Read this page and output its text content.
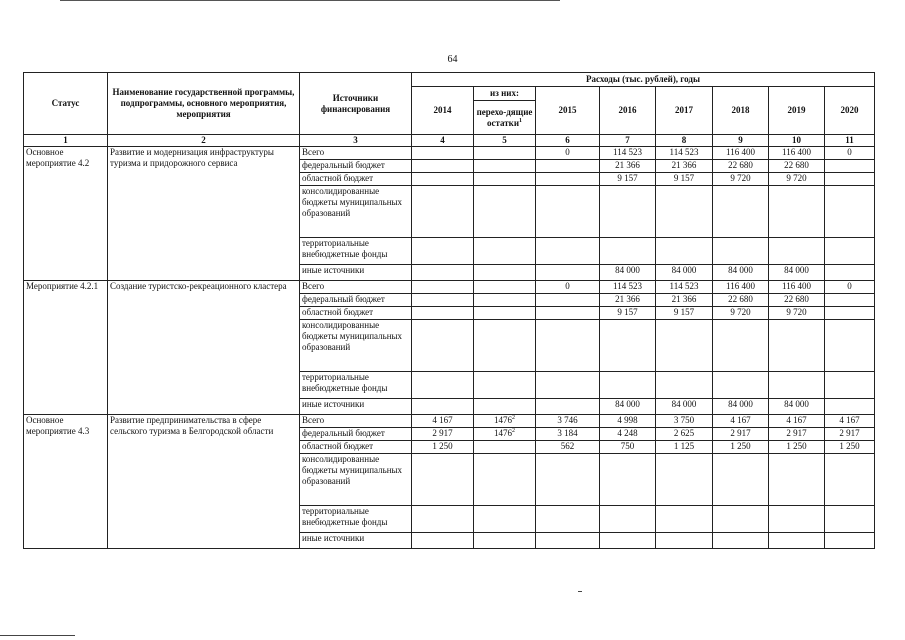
64
Статус	Наименование государственной программы, подпрограммы, основного мероприятия, мероприятия	Источники финансирования	Расходы (тыс. рублей), годы							
			2014	из них:	2015	2016	2017	2018	2019	2020
				перехо-дящие остатки$^1$
1	2	3	4	5	6	7	8	9	10	11
Основное мероприятие 4.2	Развитие и модернизация инфраструктуры туризма и придорожного сервиса	Всего			0	114 523	114 523	116 400	116 400	0
		федеральный бюджет				21 366	21 366	22 680	22 680	
		областной бюджет				9 157	9 157	9 720	9 720	
		консолидированные бюджеты муниципальных образований								
		территориальные внебюджетные фонды								
		иные источники				84 000	84 000	84 000	84 000	
Мероприятие 4.2.1	Создание туристско-рекреационного кластера	Всего			0	114 523	114 523	116 400	116 400	0
		федеральный бюджет				21 366	21 366	22 680	22 680	
		областной бюджет				9 157	9 157	9 720	9 720	
		консолидированные бюджеты муниципальных образований								
		территориальные внебюджетные фонды								
		иные источники				84 000	84 000	84 000	84 000	
Основное мероприятие 4.3	Развитие предпринимательства в сфере сельского туризма в Белгородской области	Всего	4 167	1476$^2$	3 746	4 998	3 750	4 167	4 167	4 167
		федеральный бюджет	2 917	1476$^2$	3 184	4 248	2 625	2 917	2 917	2 917
		областной бюджет	1 250		562	750	1 125	1 250	1 250	1 250
		консолидированные бюджеты муниципальных образований								
		территориальные внебюджетные фонды								
		иные источники								
